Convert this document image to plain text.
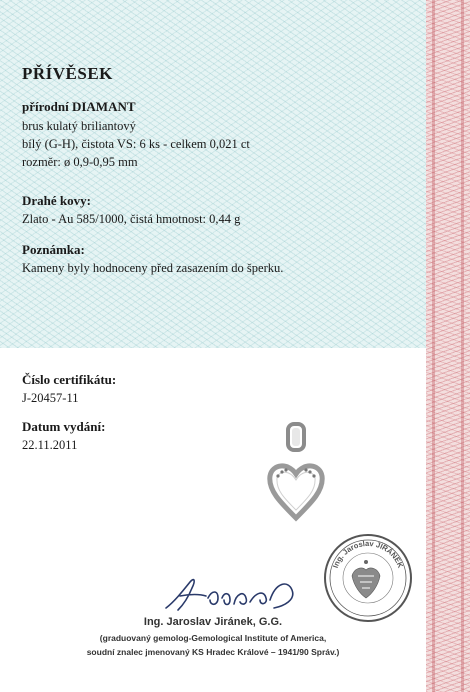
PŘÍVĚSEK
přírodní DIAMANT
brus kulatý briliantový
bílý (G-H), čistota VS: 6 ks - celkem 0,021 ct
rozměr: ø 0,9-0,95 mm
Drahé kovy:
Zlato - Au 585/1000, čistá hmotnost: 0,44 g
Poznámka:
Kameny byly hodnoceny před zasazením do šperku.
Číslo certifikátu:
J-20457-11
Datum vydání:
22.11.2011
Ing. Jaroslav JIRÁNEK
Ing. Jaroslav Jiránek, G.G.
(graduovaný gemolog-Gemological Institute of America,
soudní znalec jmenovaný KS Hradec Králové – 1941/90 Správ.)
